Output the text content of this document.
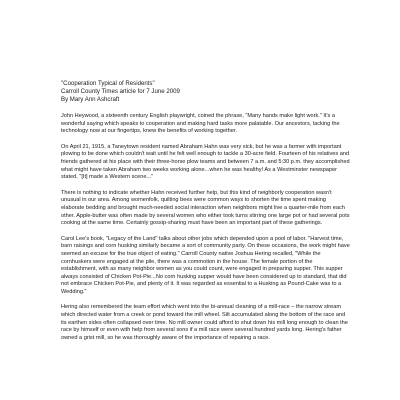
"Cooperation Typical of Residents"

Carroll County Times article for 7 June 2009

By Mary Ann Ashcraft

John Heywood, a sixteenth century English playwright, coined the phrase, "Many hands make light work." It's a wonderful saying which speaks to cooperation and making hard tasks more palatable. Our ancestors, lacking the technology now at our fingertips, knew the benefits of working together.

On April 21, 1915, a Taneytown resident named Abraham Hahn was very sick, but he was a farmer with important plowing to be done which couldn't wait until he felt well enough to tackle a 30-acre field. Fourteen of his relatives and friends gathered at his place with their three-horse plow teams and between 7 a.m. and 5:30 p.m. they accomplished what might have taken Abraham two weeks working alone...when he was healthy! As a Westminster newspaper stated, "[It] made a Western scene..."

There is nothing to indicate whether Hahn received further help, but this kind of neighborly cooperation wasn't unusual in our area. Among womenfolk, quilting bees were common ways to shorten the time spent making elaborate bedding and brought much-needed social interaction when neighbors might live a quarter-mile from each other. Apple-butter was often made by several women who either took turns stirring one large pot or had several pots cooking at the same time. Certainly gossip-sharing must have been an important part of these gatherings.

Carol Lee's book, "Legacy of the Land" talks about other jobs which depended upon a pool of labor. "Harvest time, barn raisings and corn husking similarly became a sort of community party. On these occasions, the work might have seemed an excuse for the true object of eating." Carroll County native Joshua Hering recalled, "While the cornhuskers were engaged at the pile, there was a commotion in the house. The female portion of the establishment, with as many neighbor women as you could count, were engaged in preparing supper. This supper always consisted of Chicken Pot-Pie...No corn husking supper would have been considered up to standard, that did not embrace Chicken Pot-Pie, and plenty of it. It was regarded as essential to a Husking as Pound-Cake was to a Wedding."

Hering also remembered the team effort which went into the bi-annual cleaning of a mill-race – the narrow stream which directed water from a creek or pond toward the mill wheel. Silt accumulated along the bottom of the race and its earthen sides often collapsed over time. No mill owner could afford to shut down his mill long enough to clean the race by himself or even with help from several sons if a mill race were several hundred yards long. Hering's father owned a grist mill, so he was thoroughly aware of the importance of repairing a race.
